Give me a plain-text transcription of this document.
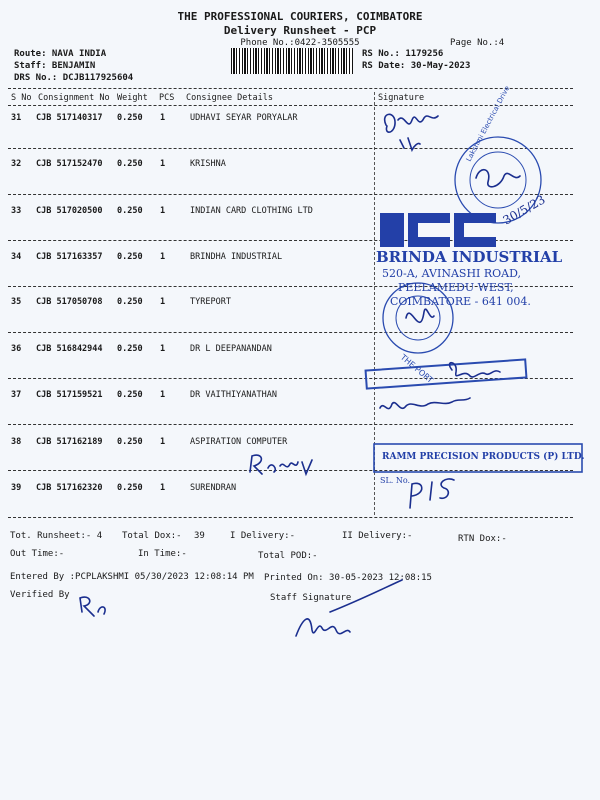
THE PROFESSIONAL COURIERS, COIMBATORE
Delivery Runsheet - PCP
Phone No.:0422-3505555	Page No.:4
Route: NAVA INDIA
Staff: BENJAMIN
DRS No.: DCJB117925604
RS No.: 1179256
RS Date: 30-May-2023
S No Consignment No Weight PCS Consignee Details	Signature
31 CJB 517140317 0.250 1	UDHAVI SEYAR PORYALAR
32 CJB 517152470 0.250 1	KRISHNA
33 CJB 517020500 0.250 1	INDIAN CARD CLOTHING LTD
34 CJB 517163357 0.250 1	BRINDHA INDUSTRIAL
35 CJB 517050708 0.250 1	TYREPORT
36 CJB 516842944 0.250 1	DR L DEEPANANDAN
37 CJB 517159521 0.250 1	DR VAITHIYANATHAN
38 CJB 517162189 0.250 1	ASPIRATION COMPUTER
39 CJB 517162320 0.250 1	SURENDRAN
Tot. Runsheet:- 4 Total Dox:- 39	I Delivery:-	II Delivery:-	RTN Dox:-
Out Time:-	In Time:-	Total POD:-
Entered By :PCPLAKSHMI 05/30/2023 12:08:14 PM Printed On: 30-05-2023 12:08:15
Verified By	Staff Signature
Lakshmi Electrical Drive
30/5/23
THE PORT
BRINDA INDUSTRIAL
520-A, AVINASHI ROAD,
PEELAMEDU WEST,
COIMBATORE - 641 004.
RAMM PRECISION PRODUCTS (P) LTD.
SL. No.
